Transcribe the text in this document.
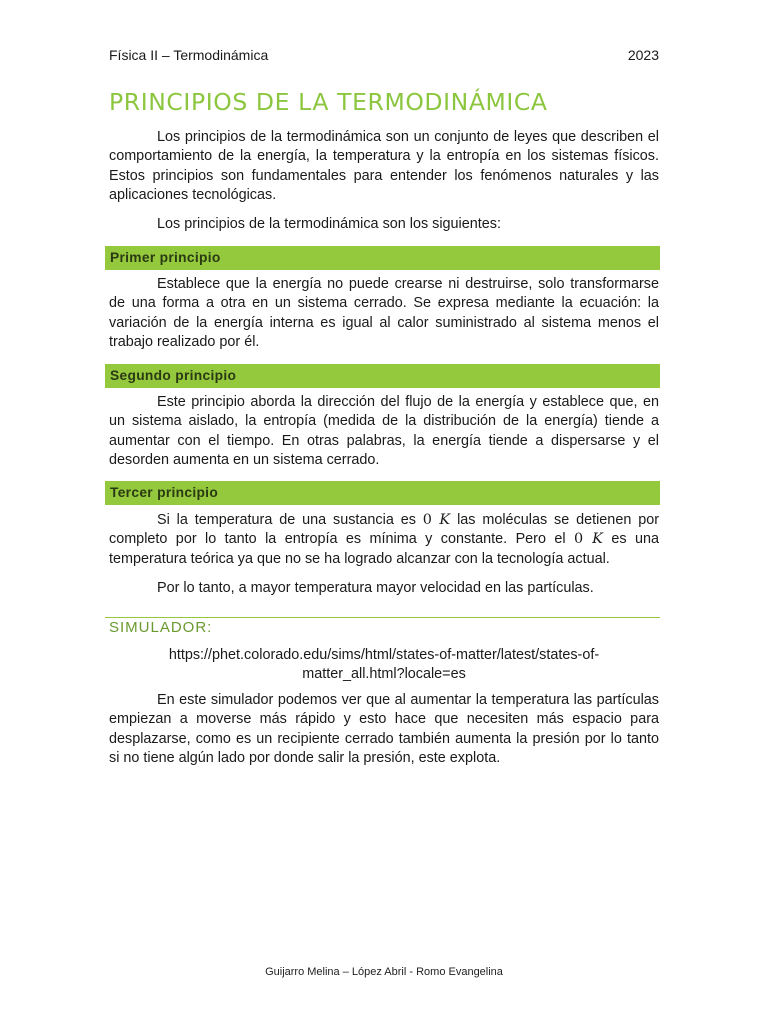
Física II – Termodinámica	2023
PRINCIPIOS DE LA TERMODINÁMICA

Los principios de la termodinámica son un conjunto de leyes que describen el comportamiento de la energía, la temperatura y la entropía en los sistemas físicos. Estos principios son fundamentales para entender los fenómenos naturales y las aplicaciones tecnológicas.

Los principios de la termodinámica son los siguientes:

Primer principio

Establece que la energía no puede crearse ni destruirse, solo transformarse de una forma a otra en un sistema cerrado. Se expresa mediante la ecuación: la variación de la energía interna es igual al calor suministrado al sistema menos el trabajo realizado por él.

Segundo principio

Este principio aborda la dirección del flujo de la energía y establece que, en un sistema aislado, la entropía (medida de la distribución de la energía) tiende a aumentar con el tiempo. En otras palabras, la energía tiende a dispersarse y el desorden aumenta en un sistema cerrado.

Tercer principio

Si la temperatura de una sustancia es 0 K las moléculas se detienen por completo por lo tanto la entropía es mínima y constante. Pero el 0 K es una temperatura teórica ya que no se ha logrado alcanzar con la tecnología actual.

Por lo tanto, a mayor temperatura mayor velocidad en las partículas.

SIMULADOR:

https://phet.colorado.edu/sims/html/states-of-matter/latest/states-of-
matter_all.html?locale=es

En este simulador podemos ver que al aumentar la temperatura las partículas empiezan a moverse más rápido y esto hace que necesiten más espacio para desplazarse, como es un recipiente cerrado también aumenta la presión por lo tanto si no tiene algún lado por donde salir la presión, este explota.

Guijarro Melina – López Abril - Romo Evangelina
